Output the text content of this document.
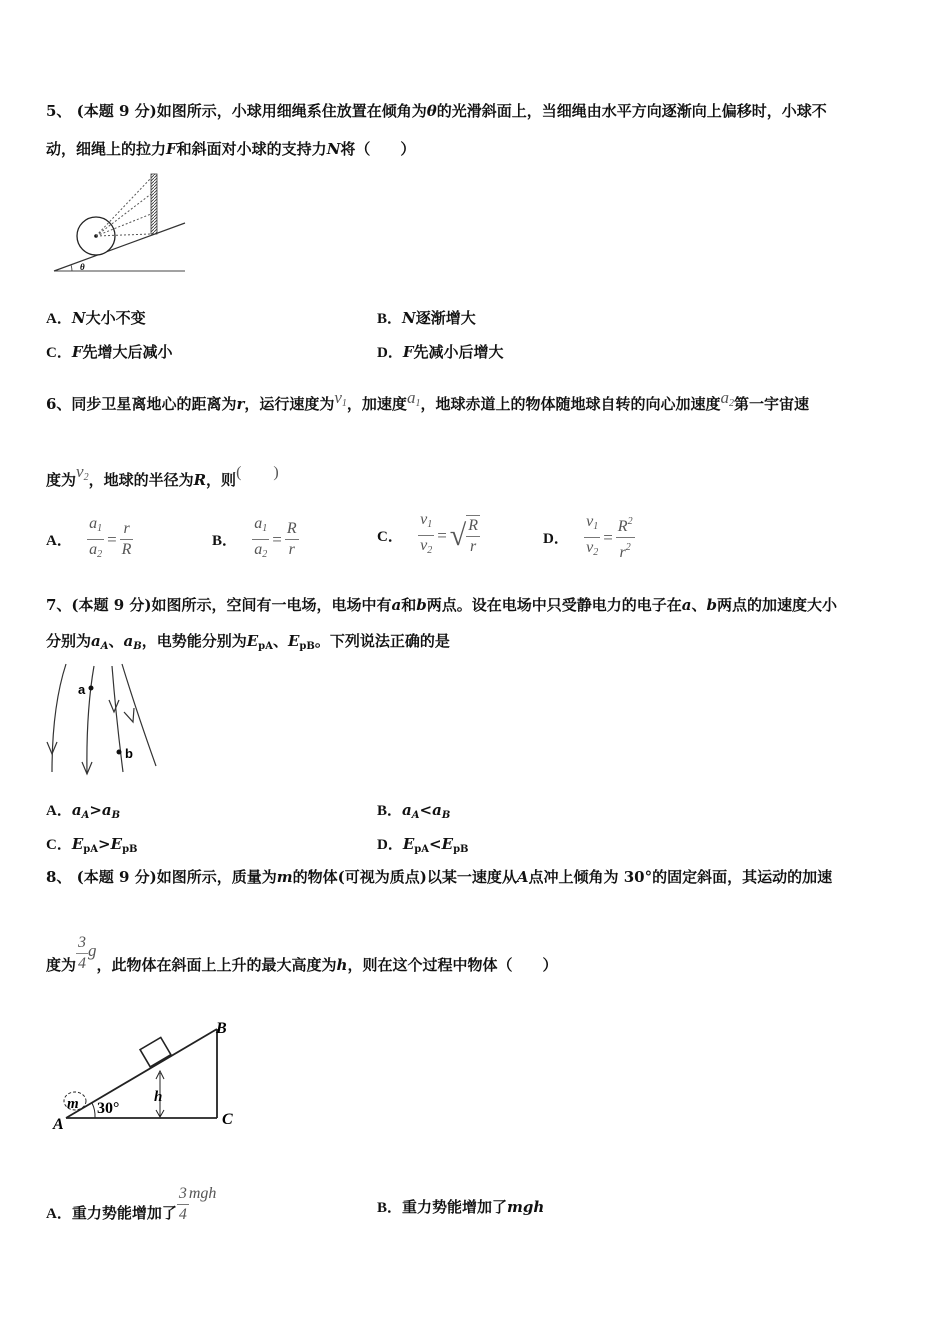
5、 (本题 9 分)如图所示，小球用细绳系住放置在倾角为θ的光滑斜面上，当细绳由水平方向逐渐向上偏移时，小球不
动，细绳上的拉力F和斜面对小球的支持力N将（　　）
θ
A．N大小不变	B．N逐渐增大
C．F先增大后减小	D．F先减小后增大
6、同步卫星离地心的距离为r，运行速度为$v_1$，加速度$a_1$，地球赤道上的物体随地球自转的向心加速度$a_2$第一宇宙速
度为$v_2$，地球的半径为R，则(　　)
A． $\frac{a_1}{a_2} = \frac{r}{R}$	B． $\frac{a_1}{a_2} = \frac{R}{r}$	C． $\frac{v_1}{v_2}$ = √ $\frac{R}{r}$	D． $\frac{v_1}{v_2} = \frac{R^2}{r^2}$
7、(本题 9 分)如图所示，空间有一电场，电场中有a和b两点。设在电场中只受静电力的电子在a、b两点的加速度大小
分别为$a_A$、$a_B$，电势能分别为$E_{pA}$、$E_{pB}$。下列说法正确的是
a
b
A．$a_A>a_B$	B．$a_A<a_B$
C．$E_{pA}>E_{pB}$	D．$E_{pA}<E_{pB}$
8、 (本题 9 分)如图所示，质量为m的物体(可视为质点)以某一速度从A点冲上倾角为 30°的固定斜面，其运动的加速
度为 $\frac{3}{4}$ g，此物体在斜面上上升的最大高度为h，则在这个过程中物体（　　）
B
C
A
m	h
30°
A．重力势能增加了 $\frac{3}{4}$ mgh
B．重力势能增加了mgh
